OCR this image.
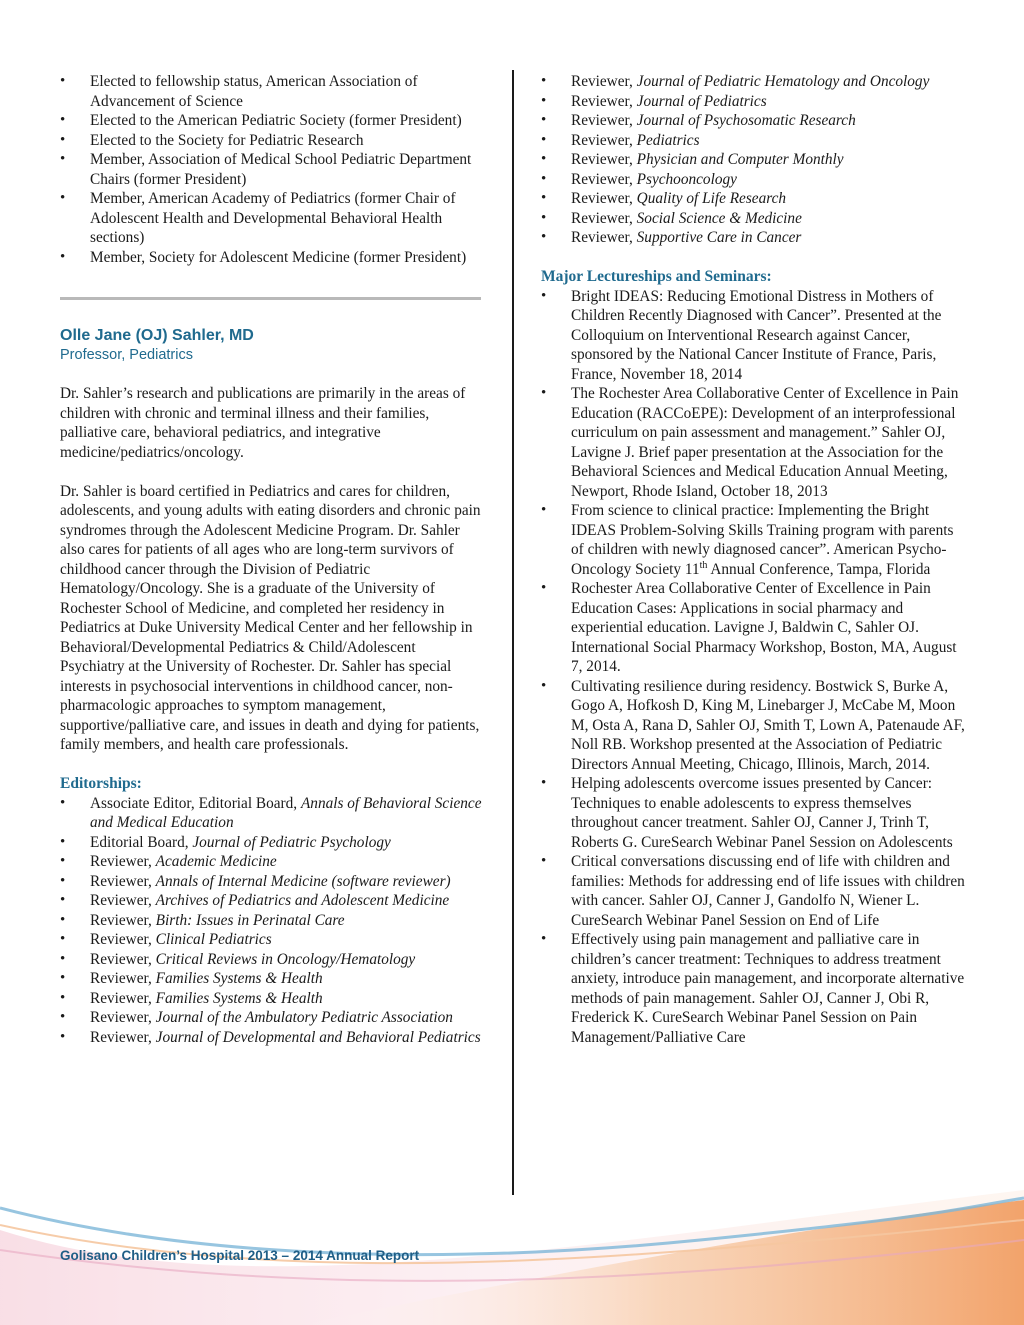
• Elected to fellowship status, American Association of Advancement of Science
• Elected to the American Pediatric Society (former President)
• Elected to the Society for Pediatric Research
• Member, Association of Medical School Pediatric Department Chairs (former President)
• Member, American Academy of Pediatrics (former Chair of Adolescent Health and Developmental Behavioral Health sections)
• Member, Society for Adolescent Medicine (former President)
Olle Jane (OJ) Sahler, MD
Professor, Pediatrics

Dr. Sahler’s research and publications are primarily in the areas of children with chronic and terminal illness and their families, palliative care, behavioral pediatrics, and integrative medicine/pediatrics/oncology.

Dr. Sahler is board certified in Pediatrics and cares for children, adolescents, and young adults with eating disorders and chronic pain syndromes through the Adolescent Medicine Program. Dr. Sahler also cares for patients of all ages who are long-term survivors of childhood cancer through the Division of Pediatric Hematology/Oncology. She is a graduate of the University of Rochester School of Medicine, and completed her residency in Pediatrics at Duke University Medical Center and her fellowship in Behavioral/Developmental Pediatrics & Child/Adolescent Psychiatry at the University of Rochester. Dr. Sahler has special interests in psychosocial interventions in childhood cancer, non-pharmacologic approaches to symptom management, supportive/palliative care, and issues in death and dying for patients, family members, and health care professionals.

Editorships:
• Associate Editor, Editorial Board, Annals of Behavioral Science and Medical Education
• Editorial Board, Journal of Pediatric Psychology
• Reviewer, Academic Medicine
• Reviewer, Annals of Internal Medicine (software reviewer)
• Reviewer, Archives of Pediatrics and Adolescent Medicine
• Reviewer, Birth: Issues in Perinatal Care
• Reviewer, Clinical Pediatrics
• Reviewer, Critical Reviews in Oncology/Hematology
• Reviewer, Families Systems & Health
• Reviewer, Families Systems & Health
• Reviewer, Journal of the Ambulatory Pediatric Association
• Reviewer, Journal of Developmental and Behavioral Pediatrics
• Reviewer, Journal of Pediatric Hematology and Oncology
• Reviewer, Journal of Pediatrics
• Reviewer, Journal of Psychosomatic Research
• Reviewer, Pediatrics
• Reviewer, Physician and Computer Monthly
• Reviewer, Psychooncology
• Reviewer, Quality of Life Research
• Reviewer, Social Science & Medicine
• Reviewer, Supportive Care in Cancer
Major Lectureships and Seminars:
• Bright IDEAS: Reducing Emotional Distress in Mothers of Children Recently Diagnosed with Cancer”. Presented at the Colloquium on Interventional Research against Cancer, sponsored by the National Cancer Institute of France, Paris, France, November 18, 2014
• The Rochester Area Collaborative Center of Excellence in Pain Education (RACCoEPE): Development of an interprofessional curriculum on pain assessment and management.” Sahler OJ, Lavigne J. Brief paper presentation at the Association for the Behavioral Sciences and Medical Education Annual Meeting, Newport, Rhode Island, October 18, 2013
• From science to clinical practice: Implementing the Bright IDEAS Problem-Solving Skills Training program with parents of children with newly diagnosed cancer”. American Psycho-Oncology Society 11th Annual Conference, Tampa, Florida
• Rochester Area Collaborative Center of Excellence in Pain Education Cases: Applications in social pharmacy and experiential education. Lavigne J, Baldwin C, Sahler OJ. International Social Pharmacy Workshop, Boston, MA, August 7, 2014.
• Cultivating resilience during residency. Bostwick S, Burke A, Gogo A, Hofkosh D, King M, Linebarger J, McCabe M, Moon M, Osta A, Rana D, Sahler OJ, Smith T, Lown A, Patenaude AF, Noll RB. Workshop presented at the Association of Pediatric Directors Annual Meeting, Chicago, Illinois, March, 2014.
• Helping adolescents overcome issues presented by Cancer: Techniques to enable adolescents to express themselves throughout cancer treatment. Sahler OJ, Canner J, Trinh T, Roberts G. CureSearch Webinar Panel Session on Adolescents
• Critical conversations discussing end of life with children and families: Methods for addressing end of life issues with children with cancer. Sahler OJ, Canner J, Gandolfo N, Wiener L. CureSearch Webinar Panel Session on End of Life
• Effectively using pain management and palliative care in children’s cancer treatment: Techniques to address treatment anxiety, introduce pain management, and incorporate alternative methods of pain management. Sahler OJ, Canner J, Obi R, Frederick K. CureSearch Webinar Panel Session on Pain Management/Palliative Care
Golisano Children’s Hospital 2013 – 2014 Annual Report
